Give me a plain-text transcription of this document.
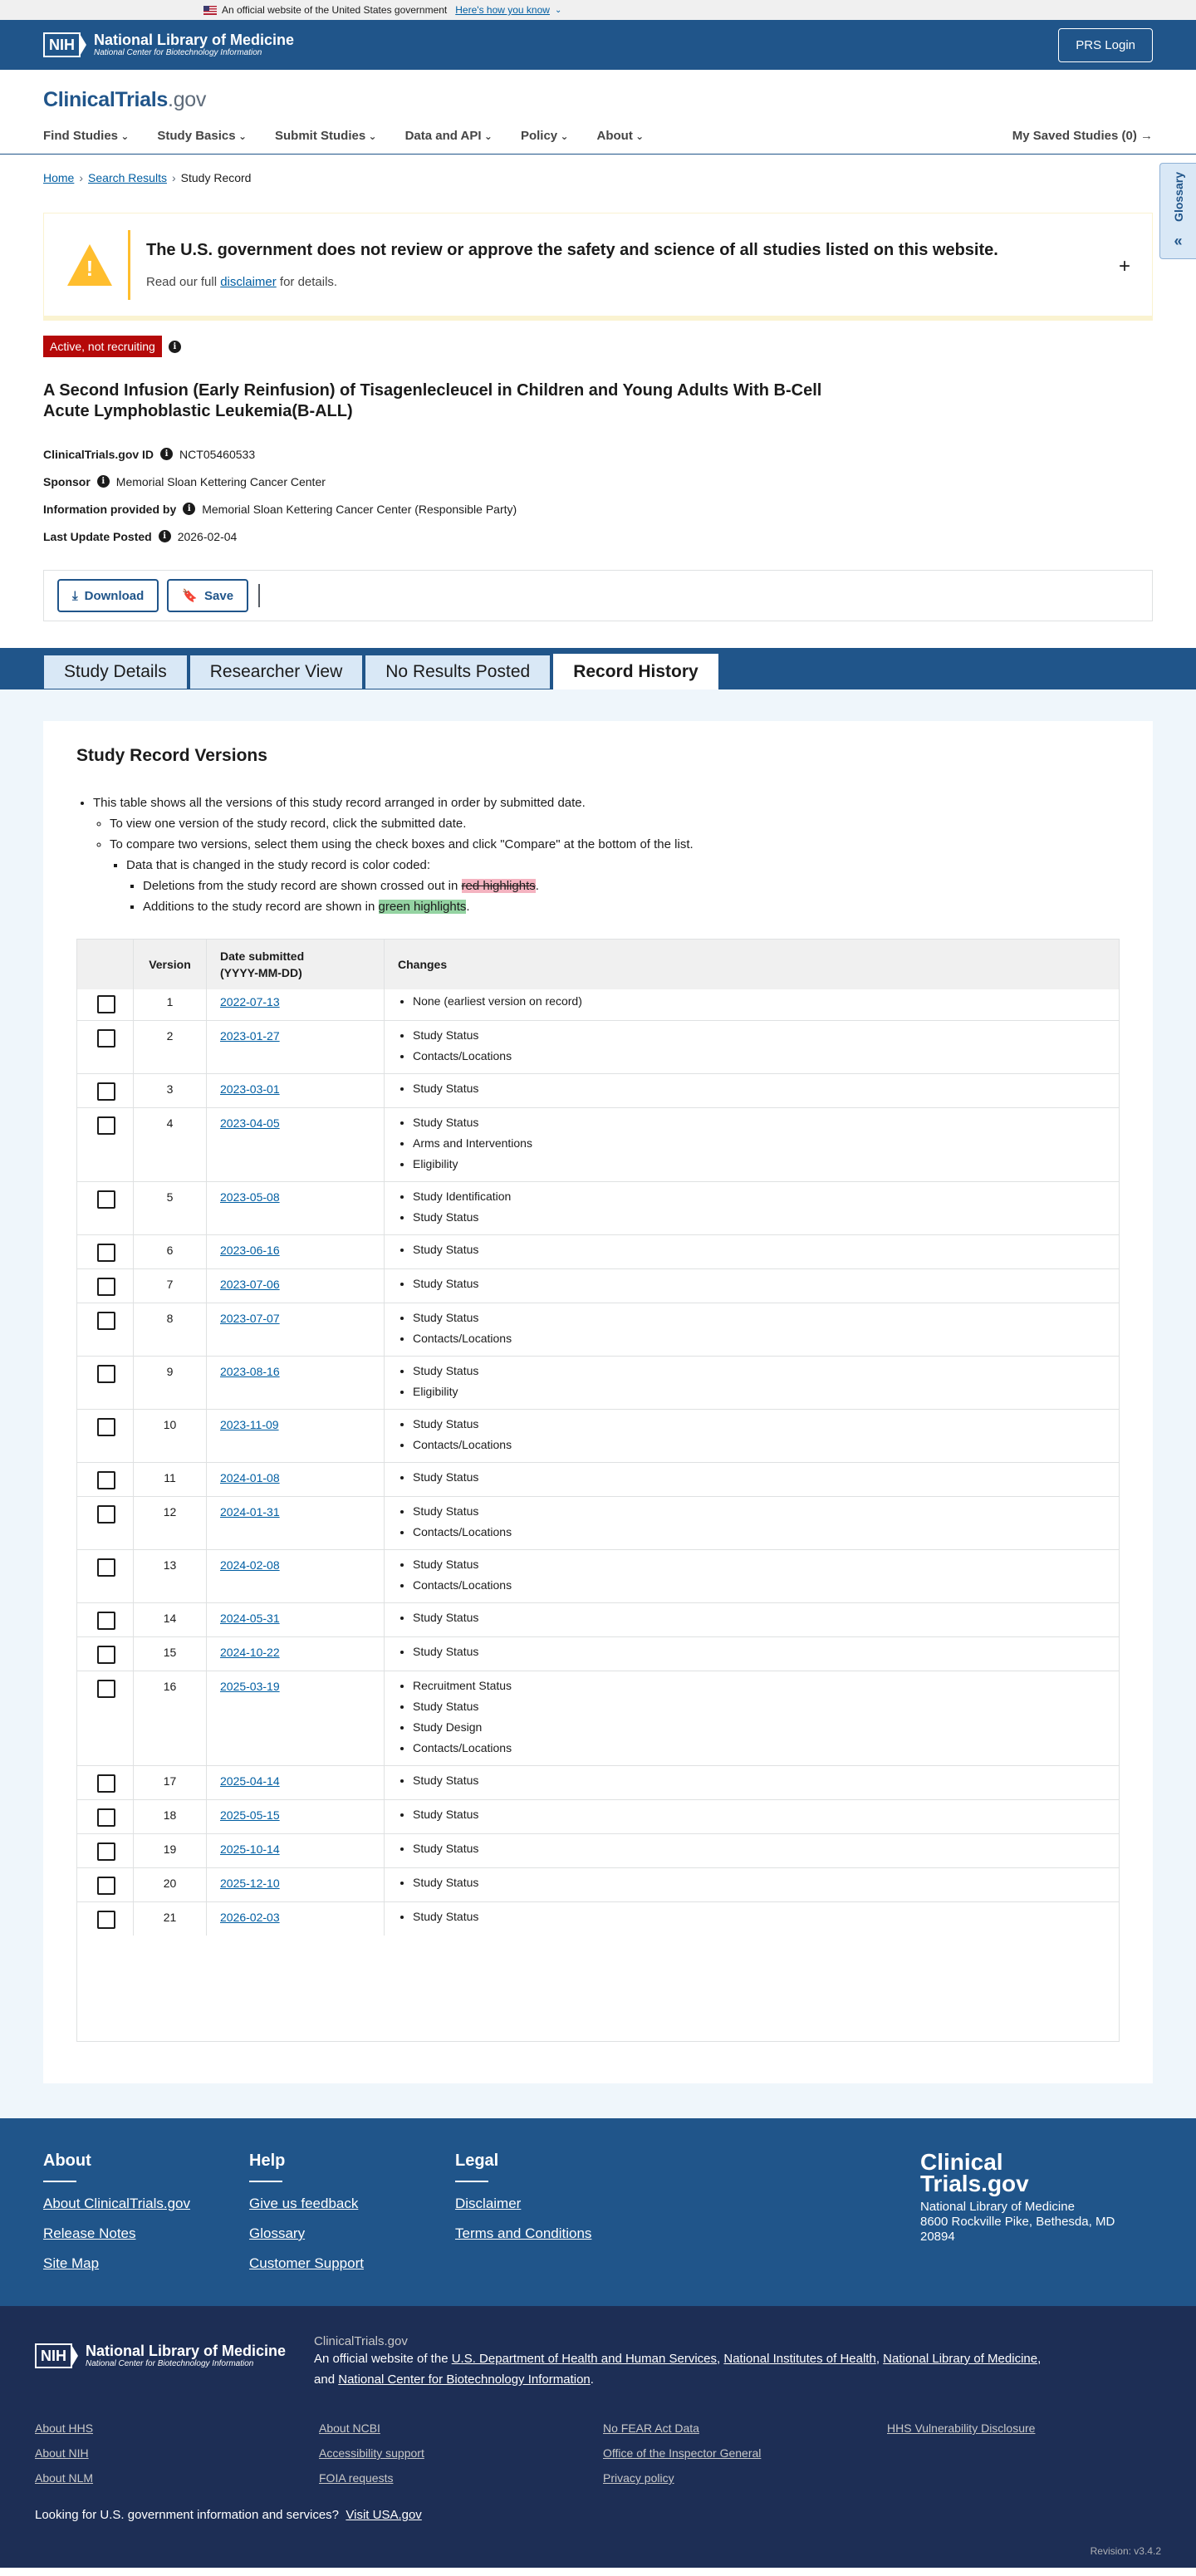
An official website of the United States government Here's how you know ⌄
NIH	National Library of Medicine
National Center for Biotechnology Information
PRS Login
ClinicalTrials.gov
Find Studies ⌄	Study Basics ⌄	Submit Studies ⌄	Data and API ⌄	Policy ⌄	About ⌄	My Saved Studies (0) →
Home › Search Results › Study Record	Glossary
«
!
The U.S. government does not review or approve the safety and science of all studies listed on this website.
Read our full disclaimer for details.
+
Active, not recruiting	i
A Second Infusion (Early Reinfusion) of Tisagenlecleucel in Children and Young Adults With B-Cell Acute Lymphoblastic Leukemia(B-ALL)
ClinicalTrials.gov ID	i NCT05460533
Sponsor	i Memorial Sloan Kettering Cancer Center
Information provided by	i Memorial Sloan Kettering Cancer Center (Responsible Party)
Last Update Posted	i 2026-02-04
⤓ Download	🔖 Save
Study Details	Researcher View	No Results Posted	Record History
Study Record Versions
• This table shows all the versions of this study record arranged in order by submitted date.
◦ To view one version of the study record, click the submitted date.
◦ To compare two versions, select them using the check boxes and click "Compare" at the bottom of the list.
▪ Data that is changed in the study record is color coded:
▪ Deletions from the study record are shown crossed out in red highlights.
▪ Additions to the study record are shown in green highlights.
Version
Date submitted
(YYYY-MM-DD)
Changes
1	2022-07-13	• None (earliest version on record)
2	2023-01-27	• Study Status
• Contacts/Locations
3	2023-03-01	• Study Status
4	2023-04-05	• Study Status
• Arms and Interventions
• Eligibility
5	2023-05-08	• Study Identification
• Study Status
6	2023-06-16	• Study Status
7	2023-07-06	• Study Status
8	2023-07-07	• Study Status
• Contacts/Locations
9	2023-08-16	• Study Status
• Eligibility
10	2023-11-09	• Study Status
• Contacts/Locations
11	2024-01-08	• Study Status
12	2024-01-31	• Study Status
• Contacts/Locations
13	2024-02-08	• Study Status
• Contacts/Locations
14	2024-05-31	• Study Status
15	2024-10-22	• Study Status
16	2025-03-19	• Recruitment Status
• Study Status
• Study Design
• Contacts/Locations
17	2025-04-14	• Study Status
18	2025-05-15	• Study Status
19	2025-10-14	• Study Status
20	2025-12-10	• Study Status
21	2026-02-03	• Study Status
About
About ClinicalTrials.gov
Release Notes
Site Map
Help
Give us feedback
Glossary
Customer Support
Legal
Disclaimer
Terms and Conditions
Clinical
Trials.gov
National Library of Medicine
8600 Rockville Pike, Bethesda, MD
20894
NIH	National Library of Medicine
National Center for Biotechnology Information
ClinicalTrials.gov

An official website of the U.S. Department of Health and Human Services, National Institutes of Health, National Library of Medicine,
and National Center for Biotechnology Information.

About HHS	About NCBI	No FEAR Act Data	HHS Vulnerability Disclosure
About NIH	Accessibility support	Office of the Inspector General
About NLM	FOIA requests	Privacy policy
Looking for U.S. government information and services? Visit USA.gov
Revision: v3.4.2
